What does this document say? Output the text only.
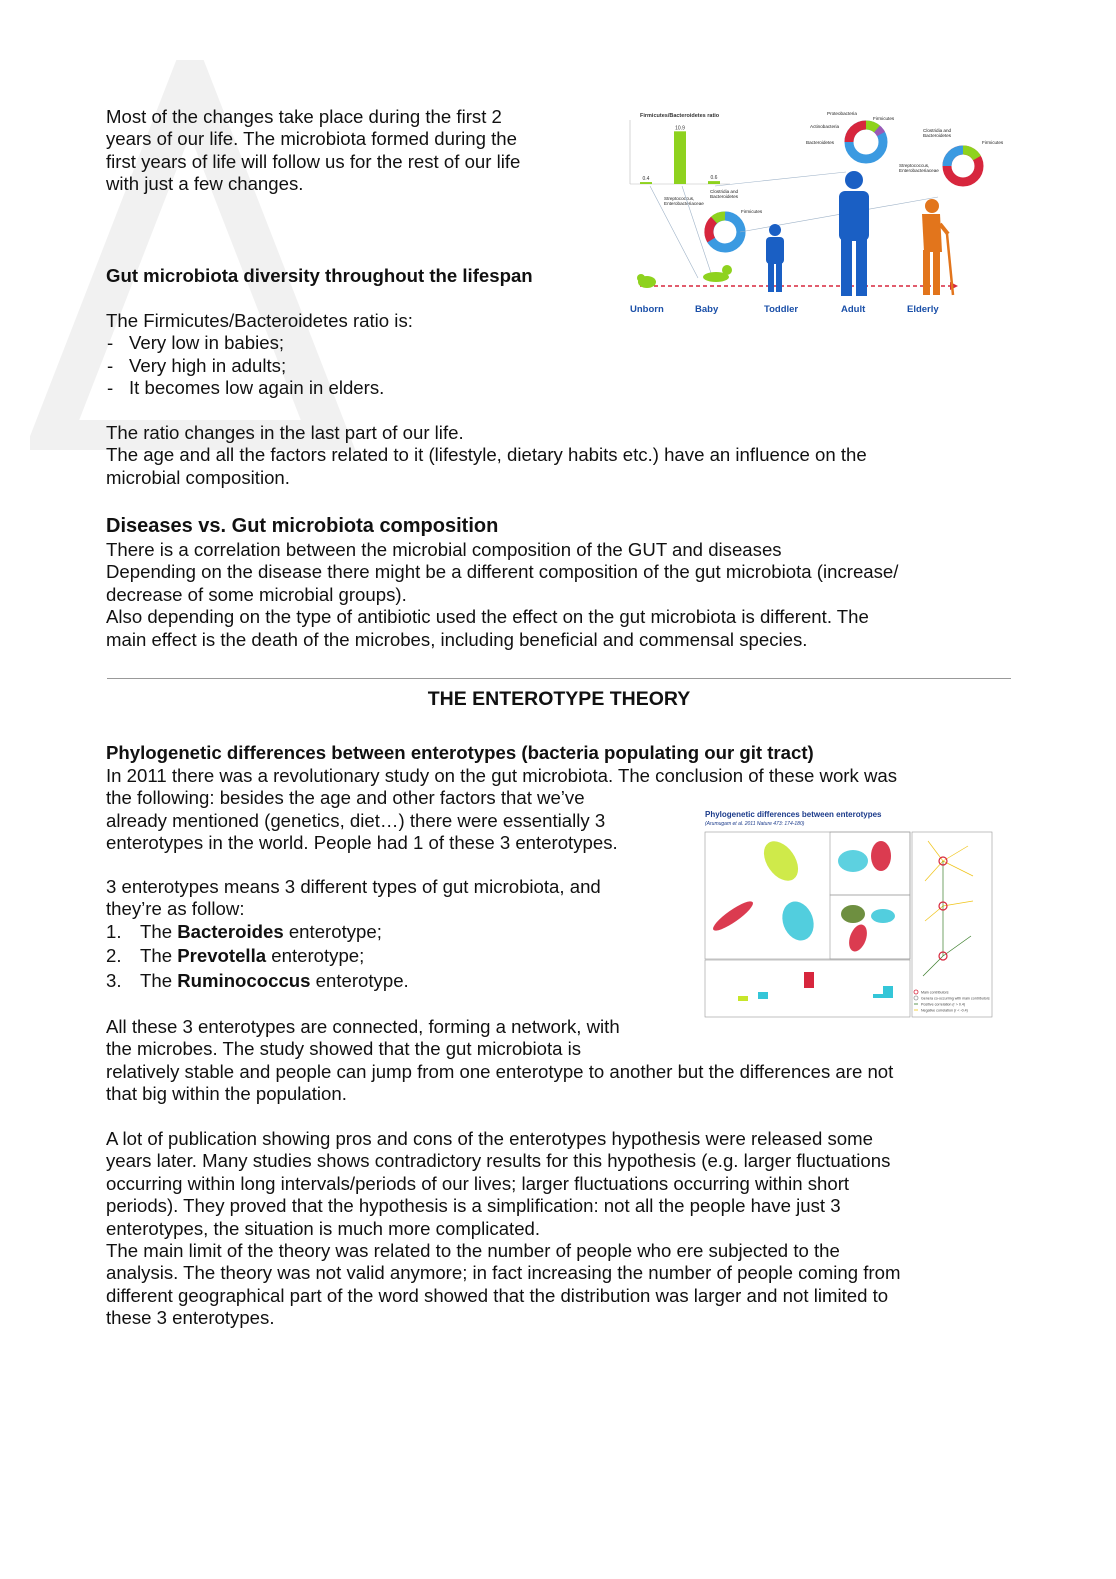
Most of the changes take place during the first 2

years of our life. The microbiota formed during the

first years of life will follow us for the rest of our life

with just a few changes.

Firmicutes/Bacteroidetes ratio
0.4
10.9
0.6
Streptococcus,
Enterobacteriaceae
Clostridia and
Bacteroidetes
Firmicutes
Proteobacteria
Firmicutes
Actinobacteria
Bacteroidetes
Clostridia and
Bacteroidetes
Firmicutes
Streptococcus,
Enterobacteriaceae
Unborn	Baby	Toddler	Adult	Elderly
Gut microbiota diversity throughout the lifespan

The Firmicutes/Bacteroidetes ratio is:

- Very low in babies;
- Very high in adults;
- It becomes low again in elders.

The ratio changes in the last part of our life.

The age and all the factors related to it (lifestyle, dietary habits etc.) have an influence on the

microbial composition.

Diseases vs. Gut microbiota composition

There is a correlation between the microbial composition of the GUT and diseases

Depending on the disease there might be a different composition of the gut microbiota (increase/

decrease of some microbial groups).

Also depending on the type of antibiotic used the effect on the gut microbiota is different. The

main effect is the death of the microbes, including beneficial and commensal species.

THE ENTEROTYPE THEORY
Phylogenetic differences between enterotypes (bacteria populating our git tract)

In 2011 there was a revolutionary study on the gut microbiota. The conclusion of these work was

the following: besides the age and other factors that we’ve

already mentioned (genetics, diet…) there were essentially 3

enterotypes in the world. People had 1 of these 3 enterotypes.

3 enterotypes means 3 different types of gut microbiota, and

they’re as follow:

1. The Bacteroides enterotype;
2. The Prevotella enterotype;
3. The Ruminococcus enterotype.
Phylogenetic differences between enterotypes
(Arumugam et al. 2011 Nature 473: 174-180)
Main contributors
Genera co-occurring with main contributors
Positive correlation (r > 0.4)
Negative correlation (r < -0.4)

All these 3 enterotypes are connected, forming a network, with

the microbes. The study showed that the gut microbiota is

relatively stable and people can jump from one enterotype to another but the differences are not

that big within the population.

A lot of publication showing pros and cons of the enterotypes hypothesis were released some

years later. Many studies shows contradictory results for this hypothesis (e.g. larger fluctuations

occurring within long intervals/periods of our lives; larger fluctuations occurring within short

periods). They proved that the hypothesis is a simplification: not all the people have just 3

enterotypes, the situation is much more complicated.

The main limit of the theory was related to the number of people who ere subjected to the

analysis. The theory was not valid anymore; in fact increasing the number of people coming from

different geographical part of the word showed that the distribution was larger and not limited to

these 3 enterotypes.
